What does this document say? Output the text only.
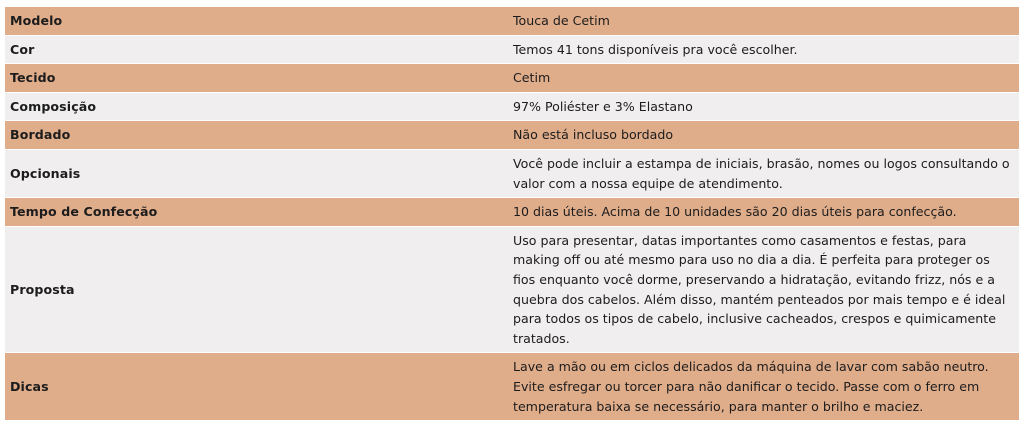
Modelo	Touca de Cetim
Cor	Temos 41 tons disponíveis pra você escolher.
Tecido	Cetim
Composição	97% Poliéster e 3% Elastano
Bordado	Não está incluso bordado
Opcionais	Você pode incluir a estampa de iniciais, brasão, nomes ou logos consultando o valor com a nossa equipe de atendimento.
Tempo de Confecção	10 dias úteis. Acima de 10 unidades são 20 dias úteis para confecção.
Proposta	Uso para presentar, datas importantes como casamentos e festas, para making off ou até mesmo para uso no dia a dia. É perfeita para proteger os fios enquanto você dorme, preservando a hidratação, evitando frizz, nós e a quebra dos cabelos. Além disso, mantém penteados por mais tempo e é ideal para todos os tipos de cabelo, inclusive cacheados, crespos e quimicamente tratados.
Dicas	Lave a mão ou em ciclos delicados da máquina de lavar com sabão neutro. Evite esfregar ou torcer para não danificar o tecido. Passe com o ferro em temperatura baixa se necessário, para manter o brilho e maciez.
